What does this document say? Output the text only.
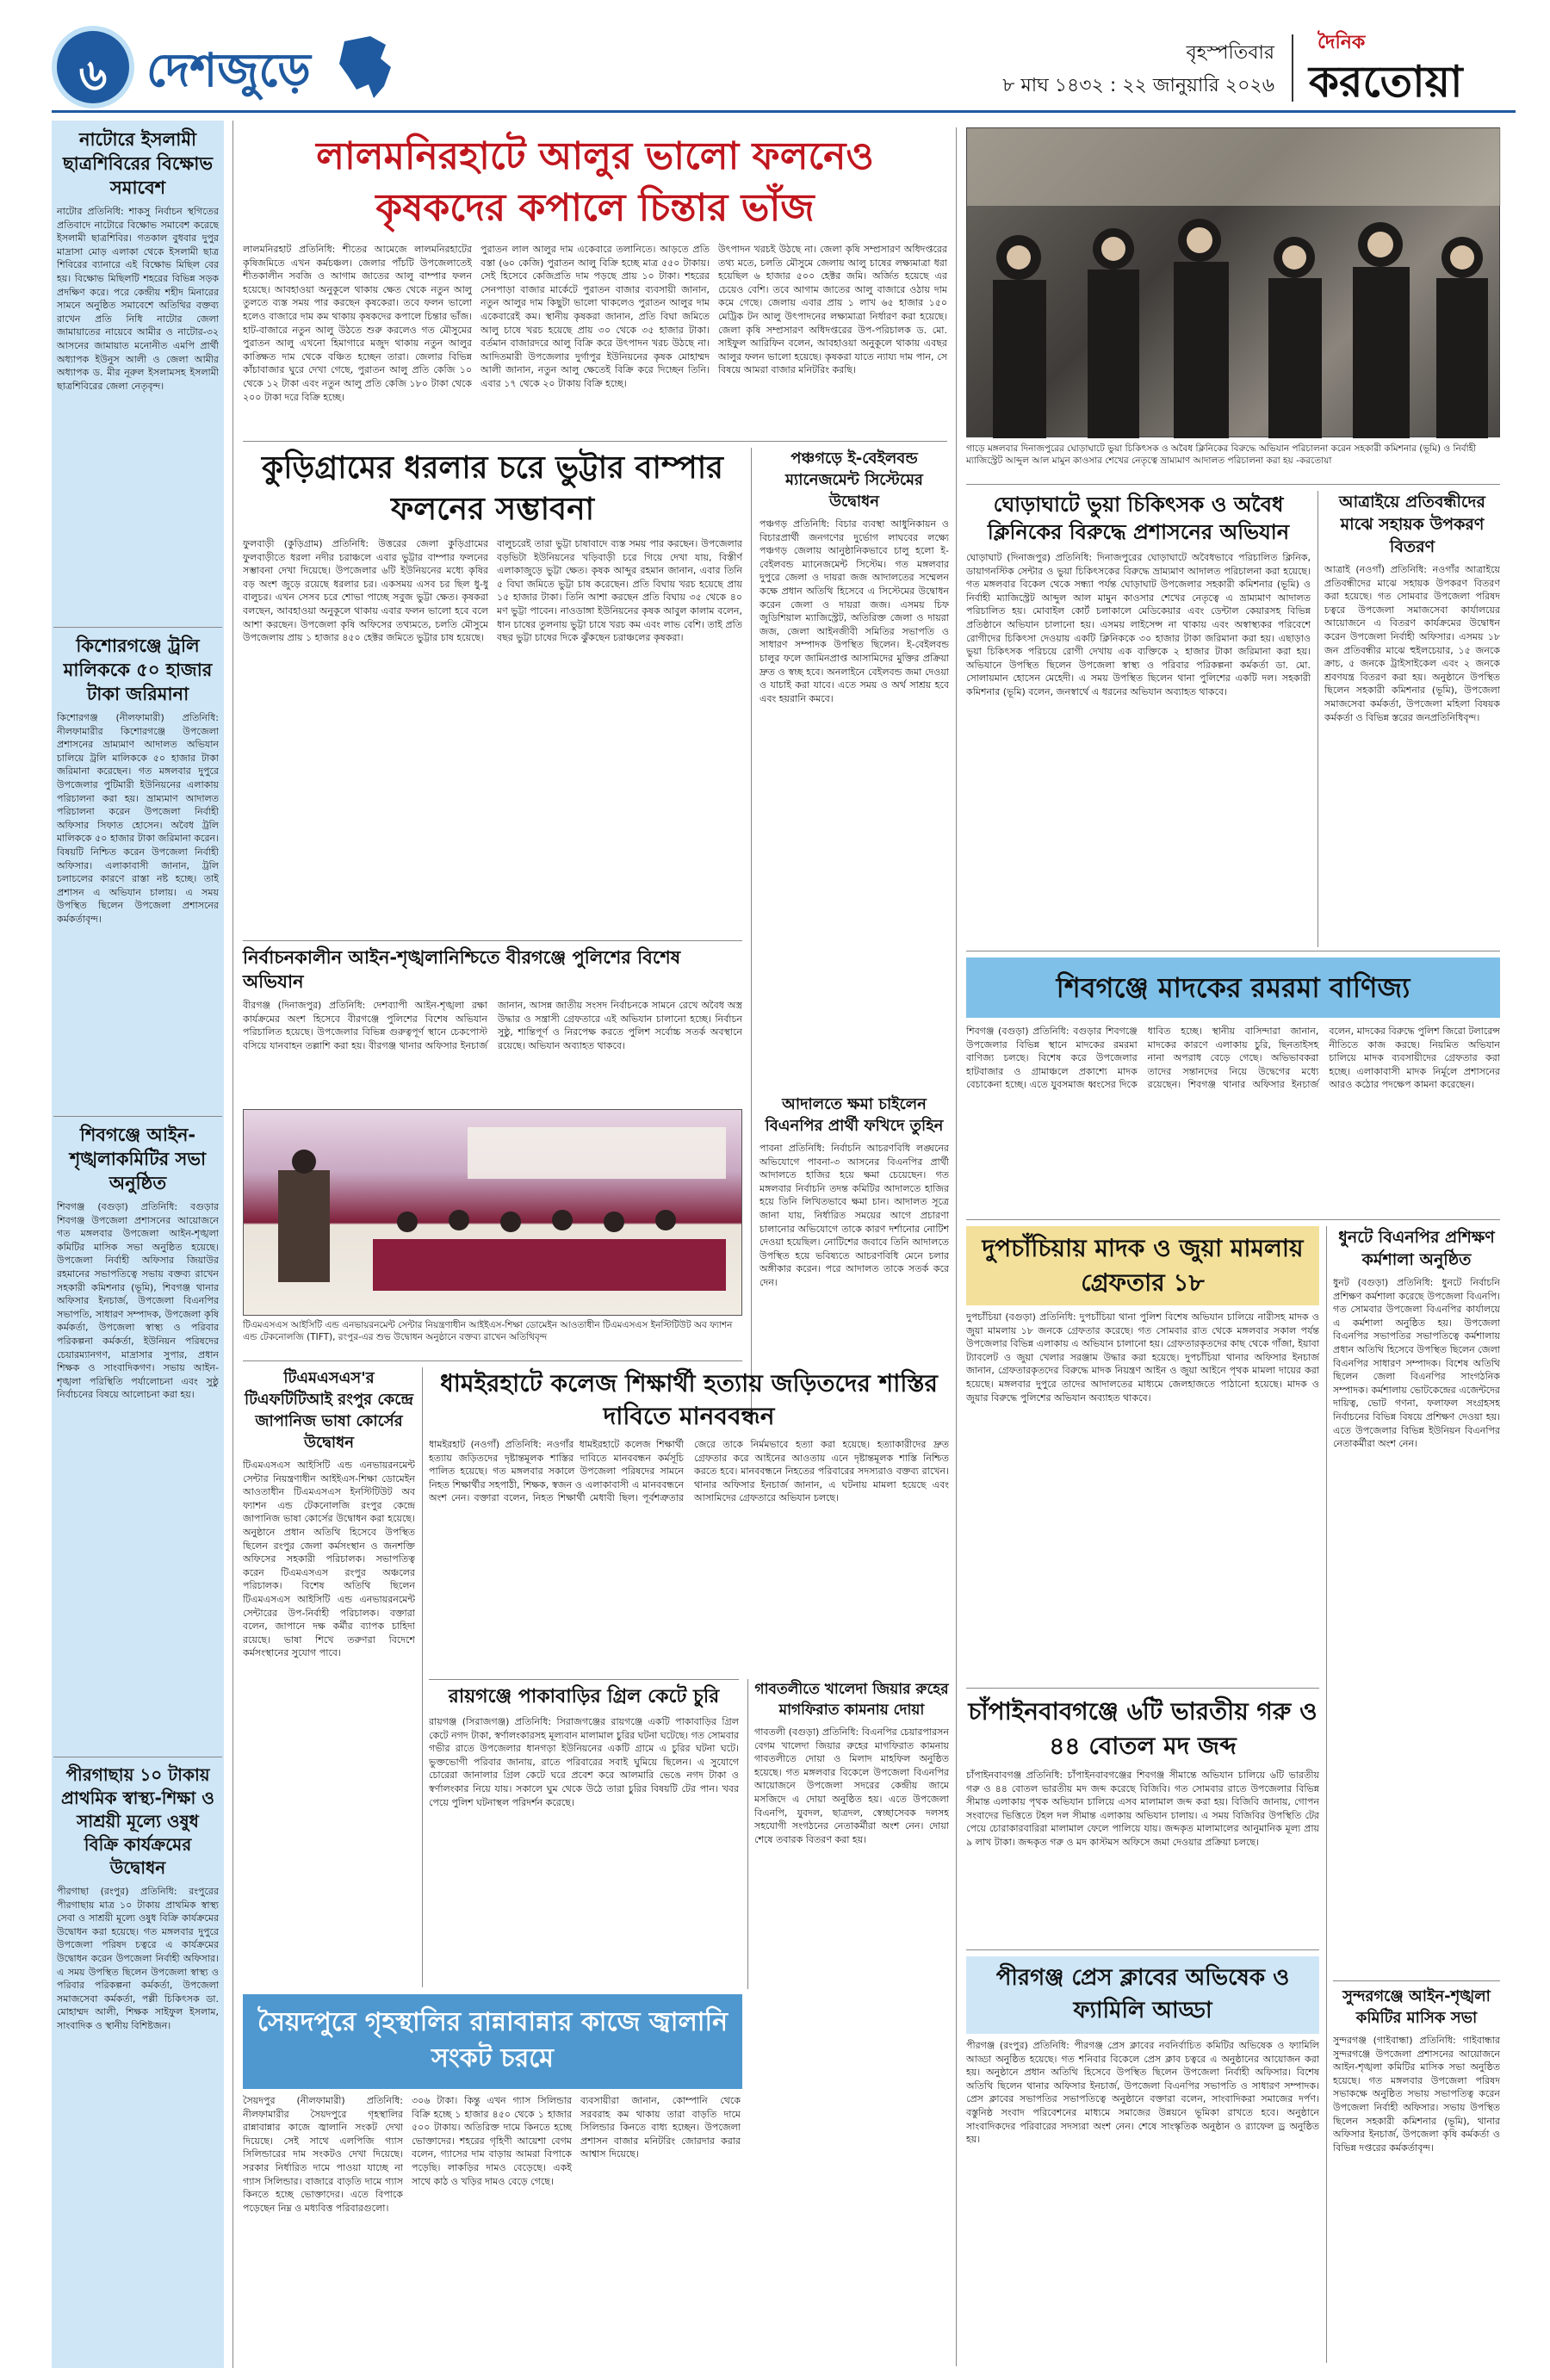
৬ দেশজুড়ে	বৃহস্পতিবার
৮ মাঘ ১৪৩২ : ২২ জানুয়ারি ২০২৬
দৈনিক
করতোয়া
নাটোরে ইসলামী ছাত্রশিবিরের বিক্ষোভ সমাবেশ
নাটোর প্রতিনিধি: শাকসু নির্বাচন স্থগিতের প্রতিবাদে নাটোরে বিক্ষোভ সমাবেশ করেছে ইসলামী ছাত্রশিবির। গতকাল বুধবার দুপুর মাদ্রাসা মোড় এলাকা থেকে ইসলামী ছাত্র শিবিরের ব্যানারে এই বিক্ষোভ মিছিল বের হয়। বিক্ষোভ মিছিলটি শহরের বিভিন্ন সড়ক প্রদক্ষিণ করে। পরে কেন্দ্রীয় শহীদ মিনারের সামনে অনুষ্ঠিত সমাবেশে অতিথির বক্তব্য রাখেন প্রতি নিধি নাটোর জেলা জামায়াতের নায়েবে আমীর ও নাটোর-৩২ আসনের জামায়াত মনোনীত এমপি প্রার্থী অধ্যাপক ইউনুস আলী ও জেলা আমীর অধ্যাপক ড. মীর নূরুল ইসলামসহ ইসলামী ছাত্রশিবিরের জেলা নেতৃবৃন্দ।
কিশোরগঞ্জে ট্রলি মালিককে ৫০ হাজার টাকা জরিমানা
কিশোরগঞ্জ (নীলফামারী) প্রতিনিধি: নীলফামারীর কিশোরগঞ্জে উপজেলা প্রশাসনের ভ্রাম্যমাণ আদালত অভিযান চালিয়ে ট্রলি মালিককে ৫০ হাজার টাকা জরিমানা করেছেন। গত মঙ্গলবার দুপুরে উপজেলার পুটিমারী ইউনিয়নের এলাকায় পরিচালনা করা হয়। ভ্রাম্যমাণ আদালত পরিচালনা করেন উপজেলা নির্বাহী অফিসার সিফাত হোসেন। অবৈধ ট্রলি মালিককে ৫০ হাজার টাকা জরিমানা করেন। বিষয়টি নিশ্চিত করেন উপজেলা নির্বাহী অফিসার। এলাকাবাসী জানান, ট্রলি চলাচলের কারণে রাস্তা নষ্ট হচ্ছে। তাই প্রশাসন এ অভিযান চালায়। এ সময় উপস্থিত ছিলেন উপজেলা প্রশাসনের কর্মকর্তাবৃন্দ।
শিবগঞ্জে আইন-শৃঙ্খলাকমিটির সভা অনুষ্ঠিত
শিবগঞ্জ (বগুড়া) প্রতিনিধি: বগুড়ার শিবগঞ্জ উপজেলা প্রশাসনের আয়োজনে গত মঙ্গলবার উপজেলা আইন-শৃঙ্খলা কমিটির মাসিক সভা অনুষ্ঠিত হয়েছে। উপজেলা নির্বাহী অফিসার জিয়াউর রহমানের সভাপতিত্বে সভায় বক্তব্য রাখেন সহকারী কমিশনার (ভূমি), শিবগঞ্জ থানার অফিসার ইনচার্জ, উপজেলা বিএনপির সভাপতি, সাধারণ সম্পাদক, উপজেলা কৃষি কর্মকর্তা, উপজেলা স্বাস্থ্য ও পরিবার পরিকল্পনা কর্মকর্তা, ইউনিয়ন পরিষদের চেয়ারম্যানগণ, মাদ্রাসার সুপার, প্রধান শিক্ষক ও সাংবাদিকগণ। সভায় আইন-শৃঙ্খলা পরিস্থিতি পর্যালোচনা এবং সুষ্ঠু নির্বাচনের বিষয়ে আলোচনা করা হয়।
পীরগাছায় ১০ টাকায় প্রাথমিক স্বাস্থ্য-শিক্ষা ও সাশ্রয়ী মূল্যে ওষুধ বিক্রি কার্যক্রমের উদ্বোধন
পীরগাছা (রংপুর) প্রতিনিধি: রংপুরের পীরগাছায় মাত্র ১০ টাকায় প্রাথমিক স্বাস্থ্য সেবা ও সাশ্রয়ী মূল্যে ওষুধ বিক্রি কার্যক্রমের উদ্বোধন করা হয়েছে। গত মঙ্গলবার দুপুরে উপজেলা পরিষদ চত্বরে এ কার্যক্রমের উদ্বোধন করেন উপজেলা নির্বাহী অফিসার। এ সময় উপস্থিত ছিলেন উপজেলা স্বাস্থ্য ও পরিবার পরিকল্পনা কর্মকর্তা, উপজেলা সমাজসেবা কর্মকর্তা, পল্লী চিকিৎসক ডা. মোহাম্মদ আলী, শিক্ষক সাইফুল ইসলাম, সাংবাদিক ও স্থানীয় বিশিষ্টজন।
লালমনিরহাটে আলুর ভালো ফলনেও কৃষকদের কপালে চিন্তার ভাঁজ
লালমনিরহাট প্রতিনিধি: শীতের আমেজে লালমনিরহাটের কৃষিজমিতে এখন কর্মচঞ্চল। জেলার পাঁচটি উপজেলাতেই শীতকালীন সবজি ও আগাম জাতের আলু বাম্পার ফলন হয়েছে। আবহাওয়া অনুকূলে থাকায় ক্ষেত থেকে নতুন আলু তুলতে ব্যস্ত সময় পার করছেন কৃষকেরা। তবে ফলন ভালো হলেও বাজারে দাম কম থাকায় কৃষকদের কপালে চিন্তার ভাঁজ। হাট-বাজারে নতুন আলু উঠতে শুরু করলেও গত মৌসুমের পুরাতন আলু এখনো হিমাগারে মজুদ থাকায় নতুন আলুর কাঙ্ক্ষিত দাম থেকে বঞ্চিত হচ্ছেন তারা। জেলার বিভিন্ন কাঁচাবাজার ঘুরে দেখা গেছে, পুরাতন আলু প্রতি কেজি ১০ থেকে ১২ টাকা এবং নতুন আলু প্রতি কেজি ১৮০ টাকা থেকে ২০০ টাকা দরে বিক্রি হচ্ছে।
পুরাতন লাল আলুর দাম একেবারে তলানিতে। আড়তে প্রতি বস্তা (৬০ কেজি) পুরাতন আলু বিক্রি হচ্ছে মাত্র ৫৫০ টাকায়। সেই হিসেবে কেজিপ্রতি দাম পড়ছে প্রায় ১০ টাকা। শহরের সেনপাড়া বাজার মার্কেটে পুরাতন বাজার ব্যবসায়ী জানান, নতুন আলুর দাম কিছুটা ভালো থাকলেও পুরাতন আলুর দাম একেবারেই কম। স্থানীয় কৃষকরা জানান, প্রতি বিঘা জমিতে আলু চাষে খরচ হয়েছে প্রায় ৩০ থেকে ৩৫ হাজার টাকা। বর্তমান বাজারদরে আলু বিক্রি করে উৎপাদন খরচ উঠছে না। আদিতমারী উপজেলার দুর্গাপুর ইউনিয়নের কৃষক মোহাম্মদ আলী জানান, নতুন আলু ক্ষেতেই বিক্রি করে দিচ্ছেন তিনি। এবার ১৭ থেকে ২০ টাকায় বিক্রি হচ্ছে।
উৎপাদন খরচই উঠছে না। জেলা কৃষি সম্প্রসারণ অধিদপ্তরের তথ্য মতে, চলতি মৌসুমে জেলায় আলু চাষের লক্ষ্যমাত্রা ধরা হয়েছিল ৬ হাজার ৫০০ হেক্টর জমি। অর্জিত হয়েছে এর চেয়েও বেশি। তবে আগাম জাতের আলু বাজারে ওঠায় দাম কমে গেছে। জেলায় এবার প্রায় ১ লাখ ৬৫ হাজার ১৫০ মেট্রিক টন আলু উৎপাদনের লক্ষ্যমাত্রা নির্ধারণ করা হয়েছে। জেলা কৃষি সম্প্রসারণ অধিদপ্তরের উপ-পরিচালক ড. মো. সাইফুল আরিফিন বলেন, আবহাওয়া অনুকূলে থাকায় এবছর আলুর ফলন ভালো হয়েছে। কৃষকরা যাতে ন্যায্য দাম পান, সে বিষয়ে আমরা বাজার মনিটরিং করছি।
গাড়ে মঙ্গলবার দিনাজপুরের ঘোড়াঘাটে ভুয়া চিকিৎসক ও অবৈধ ক্লিনিকের বিরুদ্ধে অভিযান পরিচালনা করেন সহকারী কমিশনার (ভূমি) ও নির্বাহী ম্যাজিস্ট্রেট আব্দুল আল মামুন কাওসার শেখের নেতৃত্বে ভ্রাম্যমাণ আদালত পরিচালনা করা হয় -করতোয়া
ঘোড়াঘাটে ভুয়া চিকিৎসক ও অবৈধ ক্লিনিকের বিরুদ্ধে প্রশাসনের অভিযান
ঘোড়াঘাট (দিনাজপুর) প্রতিনিধি: দিনাজপুরের ঘোড়াঘাটে অবৈধভাবে পরিচালিত ক্লিনিক, ডায়াগনস্টিক সেন্টার ও ভুয়া চিকিৎসকের বিরুদ্ধে ভ্রাম্যমাণ আদালত পরিচালনা করা হয়েছে। গত মঙ্গলবার বিকেল থেকে সন্ধ্যা পর্যন্ত ঘোড়াঘাট উপজেলার সহকারী কমিশনার (ভূমি) ও নির্বাহী ম্যাজিস্ট্রেট আব্দুল আল মামুন কাওসার শেখের নেতৃত্বে এ ভ্রাম্যমাণ আদালত পরিচালিত হয়। মোবাইল কোর্ট চলাকালে মেডিকেয়ার এবং ডেন্টাল কেয়ারসহ বিভিন্ন প্রতিষ্ঠানে অভিযান চালানো হয়। এসময় লাইসেন্স না থাকায় এবং অস্বাস্থ্যকর পরিবেশে রোগীদের চিকিৎসা দেওয়ায় একটি ক্লিনিককে ৩০ হাজার টাকা জরিমানা করা হয়। এছাড়াও ভুয়া চিকিৎসক পরিচয়ে রোগী দেখায় এক ব্যক্তিকে ২ হাজার টাকা জরিমানা করা হয়। অভিযানে উপস্থিত ছিলেন উপজেলা স্বাস্থ্য ও পরিবার পরিকল্পনা কর্মকর্তা ডা. মো. সোলায়মান হোসেন মেহেদী। এ সময় উপস্থিত ছিলেন থানা পুলিশের একটি দল। সহকারী কমিশনার (ভূমি) বলেন, জনস্বার্থে এ ধরনের অভিযান অব্যাহত থাকবে।
আত্রাইয়ে প্রতিবন্ধীদের মাঝে সহায়ক উপকরণ বিতরণ
আত্রাই (নওগাঁ) প্রতিনিধি: নওগাঁর আত্রাইয়ে প্রতিবন্ধীদের মাঝে সহায়ক উপকরণ বিতরণ করা হয়েছে। গত সোমবার উপজেলা পরিষদ চত্বরে উপজেলা সমাজসেবা কার্যালয়ের আয়োজনে এ বিতরণ কার্যক্রমের উদ্বোধন করেন উপজেলা নির্বাহী অফিসার। এসময় ১৮ জন প্রতিবন্ধীর মাঝে হুইলচেয়ার, ১৫ জনকে ক্রাচ, ৫ জনকে ট্রাইসাইকেল এবং ২ জনকে শ্রবণযন্ত্র বিতরণ করা হয়। অনুষ্ঠানে উপস্থিত ছিলেন সহকারী কমিশনার (ভূমি), উপজেলা সমাজসেবা কর্মকর্তা, উপজেলা মহিলা বিষয়ক কর্মকর্তা ও বিভিন্ন স্তরের জনপ্রতিনিধিবৃন্দ।
কুড়িগ্রামের ধরলার চরে ভুট্টার বাম্পার ফলনের সম্ভাবনা
ফুলবাড়ী (কুড়িগ্রাম) প্রতিনিধি: উত্তরের জেলা কুড়িগ্রামের ফুলবাড়ীতে ধরলা নদীর চরাঞ্চলে এবার ভুট্টার বাম্পার ফলনের সম্ভাবনা দেখা দিয়েছে। উপজেলার ৬টি ইউনিয়নের মধ্যে কৃষির বড় অংশ জুড়ে রয়েছে ধরলার চর। একসময় এসব চর ছিল ধু-ধু বালুচর। এখন সেসব চরে শোভা পাচ্ছে সবুজ ভুট্টা ক্ষেত। কৃষকরা বলছেন, আবহাওয়া অনুকূলে থাকায় এবার ফলন ভালো হবে বলে আশা করছেন। উপজেলা কৃষি অফিসের তথ্যমতে, চলতি মৌসুমে উপজেলায় প্রায় ১ হাজার ৪৫০ হেক্টর জমিতে ভুট্টার চাষ হয়েছে।
বালুচরেই তারা ভুট্টা চাষাবাদে ব্যস্ত সময় পার করছেন। উপজেলার বড়ভিটা ইউনিয়নের খড়িবাড়ী চরে গিয়ে দেখা যায়, বিস্তীর্ণ এলাকাজুড়ে ভুট্টা ক্ষেত। কৃষক আব্দুর রহমান জানান, এবার তিনি ৫ বিঘা জমিতে ভুট্টা চাষ করেছেন। প্রতি বিঘায় খরচ হয়েছে প্রায় ১৫ হাজার টাকা। তিনি আশা করছেন প্রতি বিঘায় ৩৫ থেকে ৪০ মণ ভুট্টা পাবেন। নাওডাঙ্গা ইউনিয়নের কৃষক আবুল কালাম বলেন, ধান চাষের তুলনায় ভুট্টা চাষে খরচ কম এবং লাভ বেশি। তাই প্রতি বছর ভুট্টা চাষের দিকে ঝুঁকছেন চরাঞ্চলের কৃষকরা।
পঞ্চগড়ে ই-বেইলবন্ড ম্যানেজমেন্ট সিস্টেমের উদ্বোধন
পঞ্চগড় প্রতিনিধি: বিচার ব্যবস্থা আধুনিকায়ন ও বিচারপ্রার্থী জনগণের দুর্ভোগ লাঘবের লক্ষ্যে পঞ্চগড় জেলায় আনুষ্ঠানিকভাবে চালু হলো ই-বেইলবন্ড ম্যানেজমেন্ট সিস্টেম। গত মঙ্গলবার দুপুরে জেলা ও দায়রা জজ আদালতের সম্মেলন কক্ষে প্রধান অতিথি হিসেবে এ সিস্টেমের উদ্বোধন করেন জেলা ও দায়রা জজ। এসময় চিফ জুডিশিয়াল ম্যাজিস্ট্রেট, অতিরিক্ত জেলা ও দায়রা জজ, জেলা আইনজীবী সমিতির সভাপতি ও সাধারণ সম্পাদক উপস্থিত ছিলেন। ই-বেইলবন্ড চালুর ফলে জামিনপ্রাপ্ত আসামিদের মুক্তির প্রক্রিয়া দ্রুত ও স্বচ্ছ হবে। অনলাইনে বেইলবন্ড জমা দেওয়া ও যাচাই করা যাবে। এতে সময় ও অর্থ সাশ্রয় হবে এবং হয়রানি কমবে।
নির্বাচনকালীন আইন-শৃঙ্খলানিশ্চিতে বীরগঞ্জে পুলিশের বিশেষ অভিযান
বীরগঞ্জ (দিনাজপুর) প্রতিনিধি: দেশব্যাপী আইন-শৃঙ্খলা রক্ষা কার্যক্রমের অংশ হিসেবে বীরগঞ্জে পুলিশের বিশেষ অভিযান পরিচালিত হয়েছে। উপজেলার বিভিন্ন গুরুত্বপূর্ণ স্থানে চেকপোস্ট বসিয়ে যানবাহন তল্লাশি করা হয়। বীরগঞ্জ থানার অফিসার ইনচার্জ জানান, আসন্ন জাতীয় সংসদ নির্বাচনকে সামনে রেখে অবৈধ অস্ত্র উদ্ধার ও সন্ত্রাসী গ্রেফতারে এই অভিযান চালানো হচ্ছে। নির্বাচন সুষ্ঠু, শান্তিপূর্ণ ও নিরপেক্ষ করতে পুলিশ সর্বোচ্চ সতর্ক অবস্থানে রয়েছে। অভিযান অব্যাহত থাকবে।
টিএমএসএস আইসিটি এন্ড এনভায়রনমেন্ট সেন্টার নিয়ন্ত্রণাধীন আইইএস-শিক্ষা ডোমেইন আওতাধীন টিএমএসএস ইনস্টিটিউট অব ফ্যাশন এন্ড টেকনোলজি (TIFT), রংপুর-এর শুভ উদ্বোধন অনুষ্ঠানে বক্তব্য রাখেন অতিথিবৃন্দ
টিএমএসএস'র টিএফটিটিআই রংপুর কেন্দ্রে জাপানিজ ভাষা কোর্সের উদ্বোধন
টিএমএসএস আইসিটি এন্ড এনভায়রনমেন্ট সেন্টার নিয়ন্ত্রণাধীন আইইএস-শিক্ষা ডোমেইন আওতাধীন টিএমএসএস ইনস্টিটিউট অব ফ্যাশন এন্ড টেকনোলজি রংপুর কেন্দ্রে জাপানিজ ভাষা কোর্সের উদ্বোধন করা হয়েছে। অনুষ্ঠানে প্রধান অতিথি হিসেবে উপস্থিত ছিলেন রংপুর জেলা কর্মসংস্থান ও জনশক্তি অফিসের সহকারী পরিচালক। সভাপতিত্ব করেন টিএমএসএস রংপুর অঞ্চলের পরিচালক। বিশেষ অতিথি ছিলেন টিএমএসএস আইসিটি এন্ড এনভায়রনমেন্ট সেন্টারের উপ-নির্বাহী পরিচালক। বক্তারা বলেন, জাপানে দক্ষ কর্মীর ব্যাপক চাহিদা রয়েছে। ভাষা শিখে তরুণরা বিদেশে কর্মসংস্থানের সুযোগ পাবে।
ধামইরহাটে কলেজ শিক্ষার্থী হত্যায় জড়িতদের শাস্তির দাবিতে মানববন্ধন
ধামইরহাট (নওগাঁ) প্রতিনিধি: নওগাঁর ধামইরহাটে কলেজ শিক্ষার্থী হত্যায় জড়িতদের দৃষ্টান্তমূলক শাস্তির দাবিতে মানববন্ধন কর্মসূচি পালিত হয়েছে। গত মঙ্গলবার সকালে উপজেলা পরিষদের সামনে নিহত শিক্ষার্থীর সহপাঠী, শিক্ষক, স্বজন ও এলাকাবাসী এ মানববন্ধনে অংশ নেন। বক্তারা বলেন, নিহত শিক্ষার্থী মেধাবী ছিল। পূর্বশত্রুতার জেরে তাকে নির্মমভাবে হত্যা করা হয়েছে। হত্যাকারীদের দ্রুত গ্রেফতার করে আইনের আওতায় এনে দৃষ্টান্তমূলক শাস্তি নিশ্চিত করতে হবে। মানববন্ধনে নিহতের পরিবারের সদস্যরাও বক্তব্য রাখেন। থানার অফিসার ইনচার্জ জানান, এ ঘটনায় মামলা হয়েছে এবং আসামিদের গ্রেফতারে অভিযান চলছে।
আদালতে ক্ষমা চাইলেন বিএনপির প্রার্থী ফখিদে তুহিন
পাবনা প্রতিনিধি: নির্বাচনি আচরণবিধি লঙ্ঘনের অভিযোগে পাবনা-৩ আসনের বিএনপির প্রার্থী আদালতে হাজির হয়ে ক্ষমা চেয়েছেন। গত মঙ্গলবার নির্বাচনি তদন্ত কমিটির আদালতে হাজির হয়ে তিনি লিখিতভাবে ক্ষমা চান। আদালত সূত্রে জানা যায়, নির্ধারিত সময়ের আগে প্রচারণা চালানোর অভিযোগে তাকে কারণ দর্শানোর নোটিশ দেওয়া হয়েছিল। নোটিশের জবাবে তিনি আদালতে উপস্থিত হয়ে ভবিষ্যতে আচরণবিধি মেনে চলার অঙ্গীকার করেন। পরে আদালত তাকে সতর্ক করে দেন।
রায়গঞ্জে পাকাবাড়ির গ্রিল কেটে চুরি
রায়গঞ্জ (সিরাজগঞ্জ) প্রতিনিধি: সিরাজগঞ্জের রায়গঞ্জে একটি পাকাবাড়ির গ্রিল কেটে নগদ টাকা, স্বর্ণালংকারসহ মূল্যবান মালামাল চুরির ঘটনা ঘটেছে। গত সোমবার গভীর রাতে উপজেলার ধানগড়া ইউনিয়নের একটি গ্রামে এ চুরির ঘটনা ঘটে। ভুক্তভোগী পরিবার জানায়, রাতে পরিবারের সবাই ঘুমিয়ে ছিলেন। এ সুযোগে চোরেরা জানালার গ্রিল কেটে ঘরে প্রবেশ করে আলমারি ভেঙে নগদ টাকা ও স্বর্ণালংকার নিয়ে যায়। সকালে ঘুম থেকে উঠে তারা চুরির বিষয়টি টের পান। খবর পেয়ে পুলিশ ঘটনাস্থল পরিদর্শন করেছে।
গাবতলীতে খালেদা জিয়ার রুহের মাগফিরাত কামনায় দোয়া
গাবতলী (বগুড়া) প্রতিনিধি: বিএনপির চেয়ারপারসন বেগম খালেদা জিয়ার রুহের মাগফিরাত কামনায় গাবতলীতে দোয়া ও মিলাদ মাহফিল অনুষ্ঠিত হয়েছে। গত মঙ্গলবার বিকেলে উপজেলা বিএনপির আয়োজনে উপজেলা সদরের কেন্দ্রীয় জামে মসজিদে এ দোয়া অনুষ্ঠিত হয়। এতে উপজেলা বিএনপি, যুবদল, ছাত্রদল, স্বেচ্ছাসেবক দলসহ সহযোগী সংগঠনের নেতাকর্মীরা অংশ নেন। দোয়া শেষে তবারক বিতরণ করা হয়।
সৈয়দপুরে গৃহস্থালির রান্নাবান্নার কাজে জ্বালানি সংকট চরমে
সৈয়দপুর (নীলফামারী) প্রতিনিধি: নীলফামারীর সৈয়দপুরে গৃহস্থালির রান্নাবান্নার কাজে জ্বালানি সংকট দেখা দিয়েছে। সেই সাথে এলপিজি গ্যাস সিলিন্ডারের দাম সংকটও দেখা দিয়েছে। সরকার নির্ধারিত দামে পাওয়া যাচ্ছে না গ্যাস সিলিন্ডার। বাজারে বাড়তি দামে গ্যাস কিনতে হচ্ছে ভোক্তাদের। এতে বিপাকে পড়েছেন নিম্ন ও মধ্যবিত্ত পরিবারগুলো।
৩০৬ টাকা। কিন্তু এখন গ্যাস সিলিন্ডার বিক্রি হচ্ছে ১ হাজার ৪৫০ থেকে ১ হাজার ৫০০ টাকায়। অতিরিক্ত দামে কিনতে হচ্ছে ভোক্তাদের। শহরের গৃহিণী আয়েশা বেগম বলেন, গ্যাসের দাম বাড়ায় আমরা বিপাকে পড়েছি। লাকড়ির দামও বেড়েছে। একই সাথে কাঠ ও খড়ির দামও বেড়ে গেছে।
ব্যবসায়ীরা জানান, কোম্পানি থেকে সরবরাহ কম থাকায় তারা বাড়তি দামে সিলিন্ডার কিনতে বাধ্য হচ্ছেন। উপজেলা প্রশাসন বাজার মনিটরিং জোরদার করার আশ্বাস দিয়েছে।
শিবগঞ্জে মাদকের রমরমা বাণিজ্য
শিবগঞ্জ (বগুড়া) প্রতিনিধি: বগুড়ার শিবগঞ্জে উপজেলার বিভিন্ন স্থানে মাদকের রমরমা বাণিজ্য চলছে। বিশেষ করে উপজেলার হাটবাজার ও গ্রামাঞ্চলে প্রকাশ্যে মাদক বেচাকেনা হচ্ছে। এতে যুবসমাজ ধ্বংসের দিকে ধাবিত হচ্ছে। স্থানীয় বাসিন্দারা জানান, মাদকের কারণে এলাকায় চুরি, ছিনতাইসহ নানা অপরাধ বেড়ে গেছে। অভিভাবকরা তাদের সন্তানদের নিয়ে উদ্বেগের মধ্যে রয়েছেন। শিবগঞ্জ থানার অফিসার ইনচার্জ বলেন, মাদকের বিরুদ্ধে পুলিশ জিরো টলারেন্স নীতিতে কাজ করছে। নিয়মিত অভিযান চালিয়ে মাদক ব্যবসায়ীদের গ্রেফতার করা হচ্ছে। এলাকাবাসী মাদক নির্মূলে প্রশাসনের আরও কঠোর পদক্ষেপ কামনা করেছেন।
দুপচাঁচিয়ায় মাদক ও জুয়া মামলায় গ্রেফতার ১৮
দুপচাঁচিয়া (বগুড়া) প্রতিনিধি: দুপচাঁচিয়া থানা পুলিশ বিশেষ অভিযান চালিয়ে নারীসহ মাদক ও জুয়া মামলায় ১৮ জনকে গ্রেফতার করেছে। গত সোমবার রাত থেকে মঙ্গলবার সকাল পর্যন্ত উপজেলার বিভিন্ন এলাকায় এ অভিযান চালানো হয়। গ্রেফতারকৃতদের কাছ থেকে গাঁজা, ইয়াবা ট্যাবলেট ও জুয়া খেলার সরঞ্জাম উদ্ধার করা হয়েছে। দুপচাঁচিয়া থানার অফিসার ইনচার্জ জানান, গ্রেফতারকৃতদের বিরুদ্ধে মাদক নিয়ন্ত্রণ আইন ও জুয়া আইনে পৃথক মামলা দায়ের করা হয়েছে। মঙ্গলবার দুপুরে তাদের আদালতের মাধ্যমে জেলহাজতে পাঠানো হয়েছে। মাদক ও জুয়ার বিরুদ্ধে পুলিশের অভিযান অব্যাহত থাকবে।
ধুনটে বিএনপির প্রশিক্ষণ কর্মশালা অনুষ্ঠিত
ধুনট (বগুড়া) প্রতিনিধি: ধুনটে নির্বাচনি প্রশিক্ষণ কর্মশালা করেছে উপজেলা বিএনপি। গত সোমবার উপজেলা বিএনপির কার্যালয়ে এ কর্মশালা অনুষ্ঠিত হয়। উপজেলা বিএনপির সভাপতির সভাপতিত্বে কর্মশালায় প্রধান অতিথি হিসেবে উপস্থিত ছিলেন জেলা বিএনপির সাধারণ সম্পাদক। বিশেষ অতিথি ছিলেন জেলা বিএনপির সাংগঠনিক সম্পাদক। কর্মশালায় ভোটকেন্দ্রের এজেন্টদের দায়িত্ব, ভোট গণনা, ফলাফল সংগ্রহসহ নির্বাচনের বিভিন্ন বিষয়ে প্রশিক্ষণ দেওয়া হয়। এতে উপজেলার বিভিন্ন ইউনিয়ন বিএনপির নেতাকর্মীরা অংশ নেন।
সুন্দরগঞ্জে আইন-শৃঙ্খলা কমিটির মাসিক সভা
সুন্দরগঞ্জ (গাইবান্ধা) প্রতিনিধি: গাইবান্ধার সুন্দরগঞ্জে উপজেলা প্রশাসনের আয়োজনে আইন-শৃঙ্খলা কমিটির মাসিক সভা অনুষ্ঠিত হয়েছে। গত মঙ্গলবার উপজেলা পরিষদ সভাকক্ষে অনুষ্ঠিত সভায় সভাপতিত্ব করেন উপজেলা নির্বাহী অফিসার। সভায় উপস্থিত ছিলেন সহকারী কমিশনার (ভূমি), থানার অফিসার ইনচার্জ, উপজেলা কৃষি কর্মকর্তা ও বিভিন্ন দপ্তরের কর্মকর্তাবৃন্দ।
চাঁপাইনবাবগঞ্জে ৬টি ভারতীয় গরু ও ৪৪ বোতল মদ জব্দ
চাঁপাইনবাবগঞ্জ প্রতিনিধি: চাঁপাইনবাবগঞ্জের শিবগঞ্জ সীমান্তে অভিযান চালিয়ে ৬টি ভারতীয় গরু ও ৪৪ বোতল ভারতীয় মদ জব্দ করেছে বিজিবি। গত সোমবার রাতে উপজেলার বিভিন্ন সীমান্ত এলাকায় পৃথক অভিযান চালিয়ে এসব মালামাল জব্দ করা হয়। বিজিবি জানায়, গোপন সংবাদের ভিত্তিতে টহল দল সীমান্ত এলাকায় অভিযান চালায়। এ সময় বিজিবির উপস্থিতি টের পেয়ে চোরাকারবারিরা মালামাল ফেলে পালিয়ে যায়। জব্দকৃত মালামালের আনুমানিক মূল্য প্রায় ৯ লাখ টাকা। জব্দকৃত গরু ও মদ কাস্টমস অফিসে জমা দেওয়ার প্রক্রিয়া চলছে।
পীরগঞ্জ প্রেস ক্লাবের অভিষেক ও ফ্যামিলি আড্ডা
পীরগঞ্জ (রংপুর) প্রতিনিধি: পীরগঞ্জ প্রেস ক্লাবের নবনির্বাচিত কমিটির অভিষেক ও ফ্যামিলি আড্ডা অনুষ্ঠিত হয়েছে। গত শনিবার বিকেলে প্রেস ক্লাব চত্বরে এ অনুষ্ঠানের আয়োজন করা হয়। অনুষ্ঠানে প্রধান অতিথি হিসেবে উপস্থিত ছিলেন উপজেলা নির্বাহী অফিসার। বিশেষ অতিথি ছিলেন থানার অফিসার ইনচার্জ, উপজেলা বিএনপির সভাপতি ও সাধারণ সম্পাদক। প্রেস ক্লাবের সভাপতির সভাপতিত্বে অনুষ্ঠানে বক্তারা বলেন, সাংবাদিকরা সমাজের দর্পণ। বস্তুনিষ্ঠ সংবাদ পরিবেশনের মাধ্যমে সমাজের উন্নয়নে ভূমিকা রাখতে হবে। অনুষ্ঠানে সাংবাদিকদের পরিবারের সদস্যরা অংশ নেন। শেষে সাংস্কৃতিক অনুষ্ঠান ও র‍্যাফেল ড্র অনুষ্ঠিত হয়।
